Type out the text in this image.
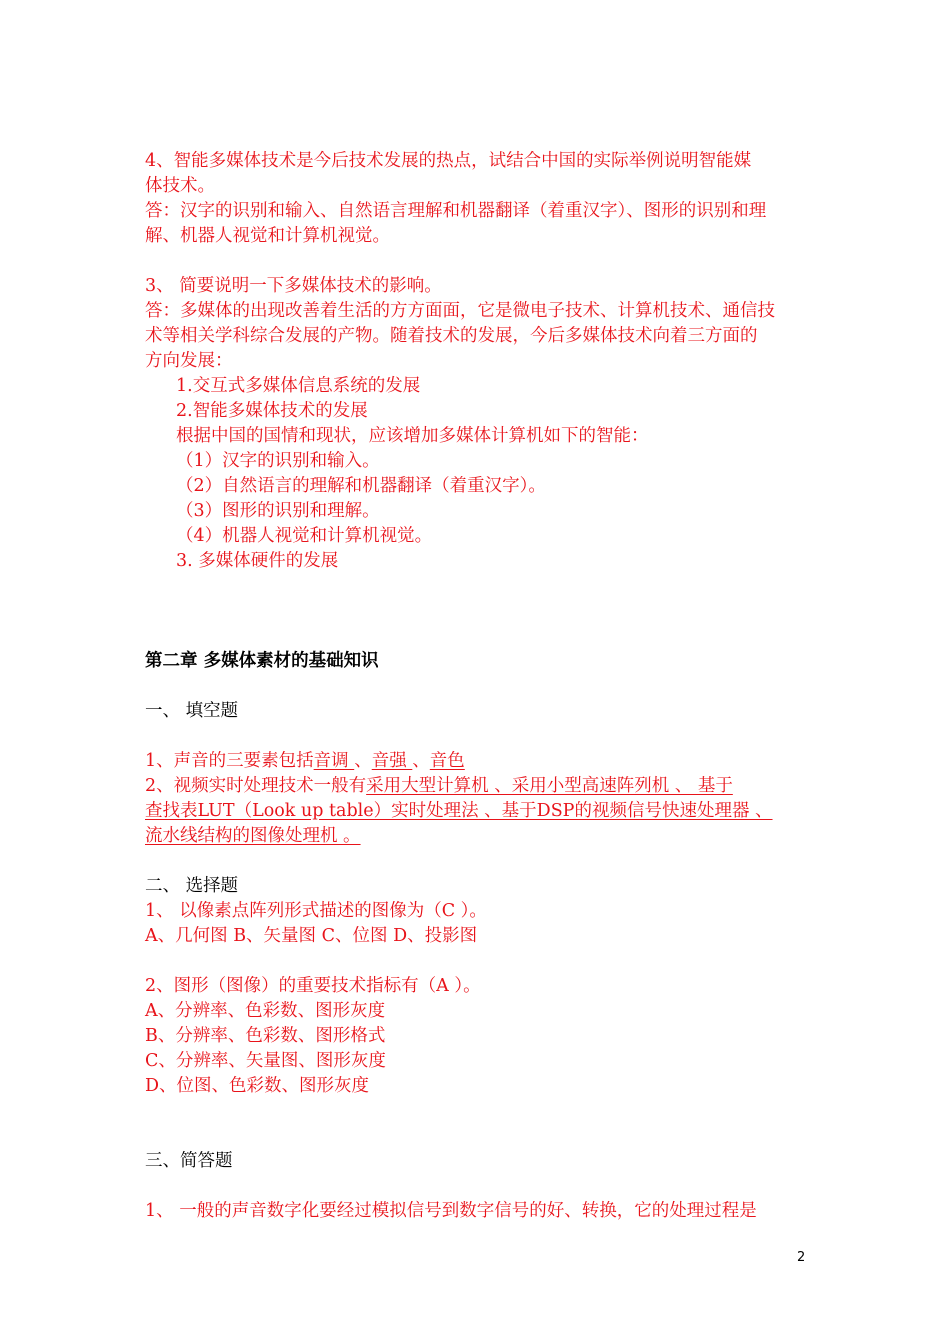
4、智能多媒体技术是今后技术发展的热点，试结合中国的实际举例说明智能媒
体技术。
答：汉字的识别和输入、自然语言理解和机器翻译（着重汉字）、图形的识别和理
解、机器人视觉和计算机视觉。
3、 简要说明一下多媒体技术的影响。
答：多媒体的出现改善着生活的方方面面，它是微电子技术、计算机技术、通信技
术等相关学科综合发展的产物。随着技术的发展，今后多媒体技术向着三方面的
方向发展：
1.交互式多媒体信息系统的发展
2.智能多媒体技术的发展
根据中国的国情和现状，应该增加多媒体计算机如下的智能：
（1）汉字的识别和输入。
（2）自然语言的理解和机器翻译（着重汉字）。
（3）图形的识别和理解。
（4）机器人视觉和计算机视觉。
3. 多媒体硬件的发展
第二章 多媒体素材的基础知识
一、 填空题
1、声音的三要素包括音调 、音强 、音色
2、视频实时处理技术一般有采用大型计算机 、采用小型高速阵列机 、 基于
查找表LUT（Look up table）实时处理法 、基于DSP的视频信号快速处理器 、
流水线结构的图像处理机 。
二、 选择题
1、 以像素点阵列形式描述的图像为（C ）。
A、几何图 B、矢量图 C、位图 D、投影图
2、图形（图像）的重要技术指标有（A ）。
A、分辨率、色彩数、图形灰度
B、分辨率、色彩数、图形格式
C、分辨率、矢量图、图形灰度
D、位图、色彩数、图形灰度
三、简答题
1、 一般的声音数字化要经过模拟信号到数字信号的好、转换，它的处理过程是
2
